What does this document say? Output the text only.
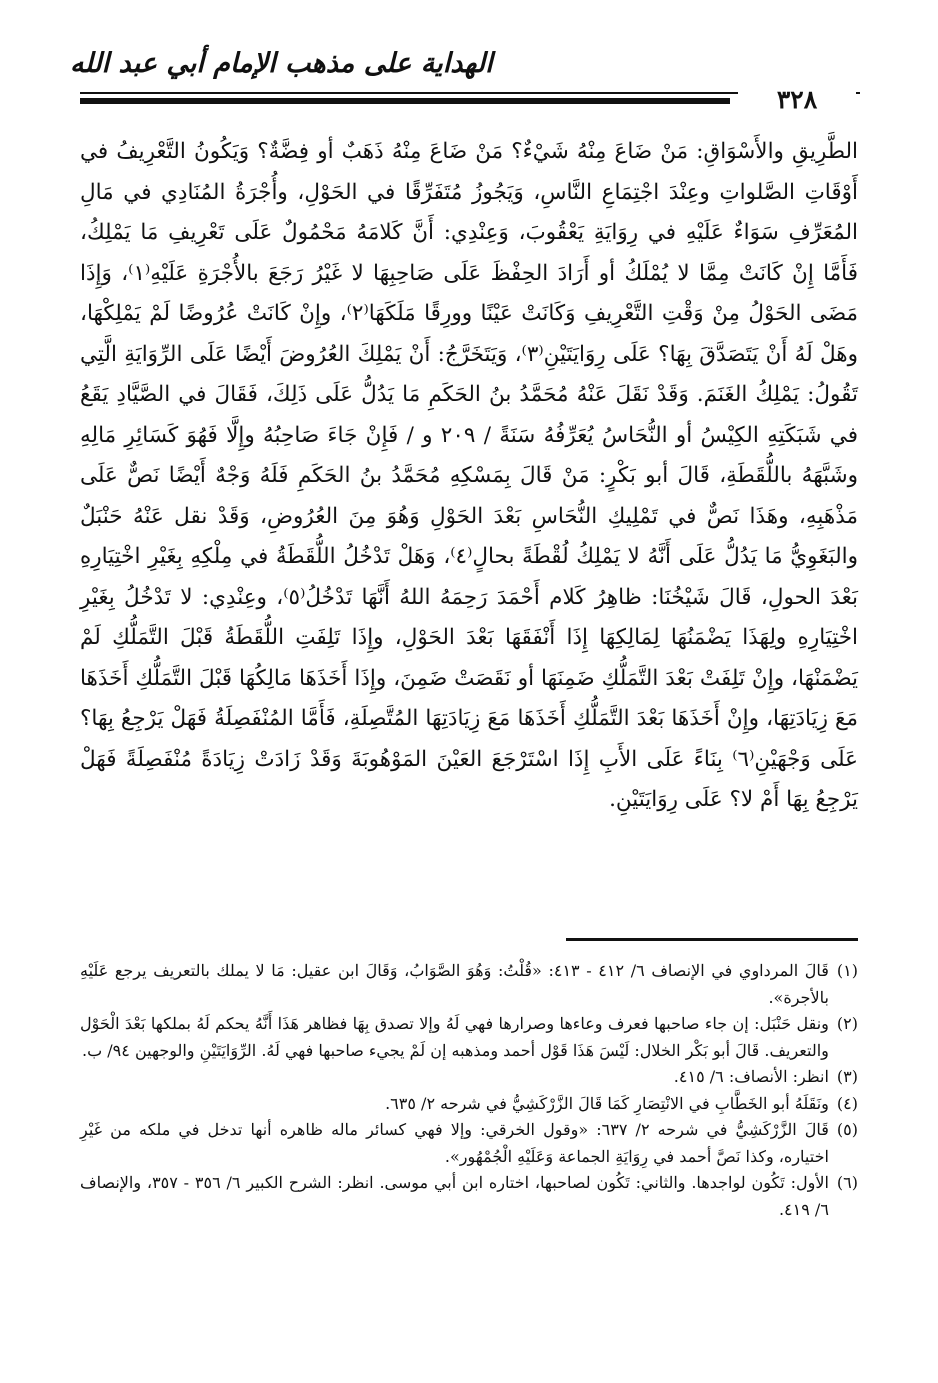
الهداية على مذهب الإمام أبي عبد الله
٣٢٨

الطَّرِيقِ والأَسْوَاقِ: مَنْ ضَاعَ مِنْهُ شَيْءٌ؟ مَنْ ضَاعَ مِنْهُ ذَهَبٌ أو فِضَّةٌ؟ وَيَكُونُ التَّعْرِيفُ في أَوْقَاتِ الصَّلواتِ وعِنْدَ اجْتِمَاعِ النَّاسِ، وَيَجُوزُ مُتَفَرِّقًا في الحَوْلِ، وأُجْرَةُ المُنَادِي في مَالِ المُعَرِّفِ سَوَاءٌ عَلَيْهِ في رِوَايَةِ يَعْقُوبَ، وَعِنْدِي: أَنَّ كَلامَهُ مَحْمُولٌ عَلَى تَعْرِيفِ مَا يَمْلِكُ، فَأَمَّا إِنْ كَانَتْ مِمَّا لا يُمْلَكُ أو أَرَادَ الحِفْظَ عَلَى صَاحِبِهَا لا غَيْرُ رَجَعَ بالأُجْرَةِ عَلَيْهِ⁽١⁾، وَإِذَا مَضَى الحَوْلُ مِنْ وَقْتِ التَّعْرِيفِ وَكَانَتْ عَيْنًا وورِقًا مَلَكَهَا⁽٢⁾، وإِنْ كَانَتْ عُرُوضًا لَمْ يَمْلِكْهَا، وهَلْ لَهُ أَنْ يَتَصَدَّقَ بِهَا؟ عَلَى رِوَايَتَيْنِ⁽٣⁾، وَيَتَخَرَّجُ: أَنْ يَمْلِكَ العُرُوضَ أَيْضًا عَلَى الرِّوَايَةِ الَّتِي تَقُولُ: يَمْلِكُ الغَنَمَ. وَقَدْ نَقَلَ عَنْهُ مُحَمَّدُ بنُ الحَكَمِ مَا يَدُلُّ عَلَى ذَلِكَ، فَقَالَ في الصَّيَّادِ يَقَعُ في شَبَكَتِهِ الكِيْسُ أو النُّحَاسُ يُعَرِّفُهُ سَنَةً / ٢٠٩ و / فَإِنْ جَاءَ صَاحِبُهُ وإِلَّا فَهُوَ كَسَائِرِ مَالِهِ وشَبَّهَهُ باللُّقَطَةِ، قَالَ أبو بَكْرٍ: مَنْ قَالَ بِمَسْكِهِ مُحَمَّدُ بنُ الحَكَمِ فَلَهُ وَجْهٌ أَيْضًا نَصٌّ عَلَى مَذْهَبِهِ، وهَذَا نَصٌّ في تَمْلِيكِ النُّحَاسِ بَعْدَ الحَوْلِ وَهُوَ مِنَ العُرُوضِ، وَقَدْ نقل عَنْهُ حَنْبَلٌ والبَغَوِيُّ مَا يَدُلُّ عَلَى أَنَّهُ لا يَمْلِكُ لُقْطَةً بحالٍ⁽٤⁾، وَهَلْ تَدْخُلُ اللُّقَطَةُ في مِلْكِهِ بِغَيْرِ اخْتِيَارِهِ بَعْدَ الحولِ، قَالَ شَيْخُنَا: ظاهِرُ كَلام أَحْمَدَ رَحِمَهُ اللهُ أَنَّهَا تَدْخُلُ⁽٥⁾، وعِنْدِي: لا تَدْخُلُ بِغَيْرِ اخْتِيَارِهِ ولِهَذَا يَضْمَنُهَا لِمَالِكِهَا إِذَا أَنْفَقَهَا بَعْدَ الحَوْلِ، وإِذَا تَلِفَتِ اللُّقَطَةُ قَبْلَ التَّمَلُّكِ لَمْ يَضْمَنْهَا، وإِنْ تَلِفَتْ بَعْدَ التَّمَلُّكِ ضَمِنَهَا أو نَقَصَتْ ضَمِنَ، وإِذَا أَخَذَهَا مَالِكُهَا قَبْلَ التَّمَلُّكِ أَخَذَهَا مَعَ زِيَادَتِهَا، وإِنْ أَخَذَهَا بَعْدَ التَّمَلُّكِ أَخَذَهَا مَعَ زِيَادَتِهَا المُتَّصِلَةِ، فَأَمَّا المُنْفَصِلَةُ فَهَلْ يَرْجِعُ بِهَا؟ عَلَى وَجْهَيْنِ⁽٦⁾ بِنَاءً عَلَى الأَبِ إِذَا اسْتَرْجَعَ العَيْنَ المَوْهُوبَةَ وَقَدْ زَادَتْ زِيَادَةً مُنْفَصِلَةً فَهَلْ يَرْجِعُ بِهَا أَمْ لا؟ عَلَى رِوَايَتَيْنِ.

(١)
قَالَ المرداوي في الإنصاف ٦/ ٤١٢ - ٤١٣: «قُلْتُ: وَهُوَ الصَّوَابُ، وَقَالَ ابن عقيل: مَا لا يملك بالتعريف يرجع عَلَيْهِ بالأجرة».
(٢)
ونقل حَنْبَل: إن جاء صاحبها فعرف وعاءها وصرارها فهي لَهُ وإلا تصدق بِهَا فظاهر هَذَا أَنَّهُ يحكم لَهُ بملكها بَعْدَ الْحَوْل والتعريف. قَالَ أبو بَكْر الخلال: لَيْسَ هَذَا قَوْل أحمد ومذهبه إن لَمْ يجيء صاحبها فهي لَهُ. الرِّوَايَتَيْنِ والوجهين ٩٤/ ب.
(٣)
انظر: الأنصاف: ٦/ ٤١٥.
(٤)
ونَقَلَهُ أبو الخَطَّابِ في الانْتِصَارِ كَمَا قَالَ الزَّرْكَشِيُّ في شرحه ٢/ ٦٣٥.
(٥)
قَالَ الزَّرْكَشِيُّ في شرحه ٢/ ٦٣٧: «وقول الخرقي: وإلا فهي كسائر ماله ظاهره أنها تدخل في ملكه من غَيْرِ اختياره، وكذا نَصَّ أحمد في رِوَايَةِ الجماعة وَعَلَيْهِ الْجُمْهُور».
(٦)
الأول: تَكُون لواجدها. والثاني: تَكُون لصاحبها، اختاره ابن أبي موسى. انظر: الشرح الكبير ٦/ ٣٥٦ - ٣٥٧، والإنصاف ٦/ ٤١٩.
